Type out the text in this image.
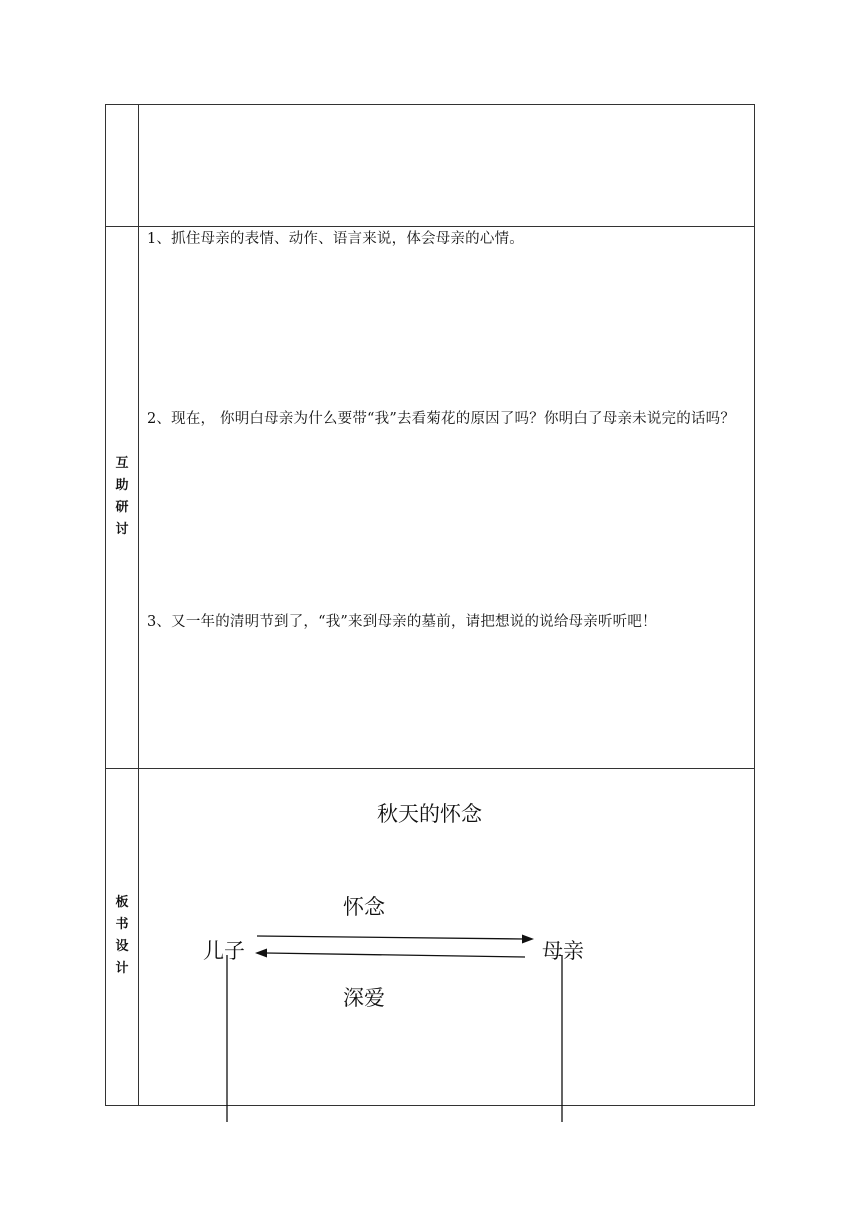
互
助
研
讨
1、抓住母亲的表情、动作、语言来说，体会母亲的心情。
2、现在， 你明白母亲为什么要带“我”去看菊花的原因了吗？你明白了母亲未说完的话吗？
3、又一年的清明节到了，“我”来到母亲的墓前，请把想说的说给母亲听听吧！
板
书
设
计
秋天的怀念
怀念
儿子	母亲
深爱
